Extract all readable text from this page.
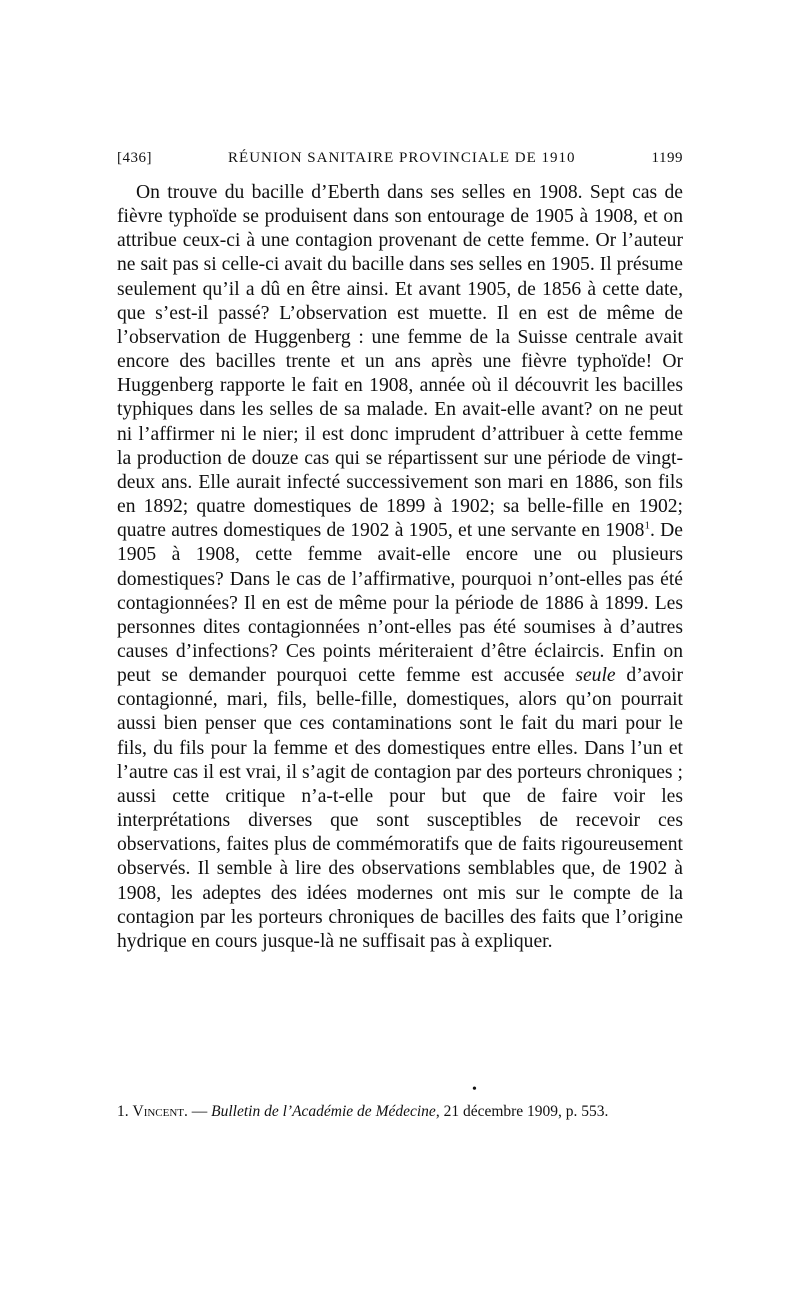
[436]	RÉUNION SANITAIRE PROVINCIALE DE 1910	1199

On trouve du bacille d’Eberth dans ses selles en 1908. Sept cas de fièvre typhoïde se produisent dans son entourage de 1905 à 1908, et on attribue ceux-ci à une contagion provenant de cette femme. Or l’auteur ne sait pas si celle-ci avait du bacille dans ses selles en 1905. Il présume seulement qu’il a dû en être ainsi. Et avant 1905, de 1856 à cette date, que s’est-il passé? L’observation est muette. Il en est de même de l’observation de Huggenberg : une femme de la Suisse centrale avait encore des bacilles trente et un ans après une fièvre typhoïde! Or Huggenberg rapporte le fait en 1908, année où il découvrit les bacilles typhiques dans les selles de sa malade. En avait-elle avant? on ne peut ni l’affirmer ni le nier; il est donc imprudent d’attribuer à cette femme la production de douze cas qui se répartissent sur une période de vingt-deux ans. Elle aurait infecté successivement son mari en 1886, son fils en 1892; quatre domestiques de 1899 à 1902; sa belle-fille en 1902; quatre autres domestiques de 1902 à 1905, et une servante en 1908$^1$. De 1905 à 1908, cette femme avait-elle encore une ou plusieurs domestiques? Dans le cas de l’affirmative, pourquoi n’ont-elles pas été contagionnées? Il en est de même pour la période de 1886 à 1899. Les personnes dites contagionnées n’ont-elles pas été soumises à d’autres causes d’infections? Ces points mériteraient d’être éclaircis. Enfin on peut se demander pourquoi cette femme est accusée seule d’avoir contagionné, mari, fils, belle-fille, domestiques, alors qu’on pourrait aussi bien penser que ces contaminations sont le fait du mari pour le fils, du fils pour la femme et des domestiques entre elles. Dans l’un et l’autre cas il est vrai, il s’agit de contagion par des porteurs chroniques ; aussi cette critique n’a-t-elle pour but que de faire voir les interprétations diverses que sont susceptibles de recevoir ces observations, faites plus de commémoratifs que de faits rigoureusement observés. Il semble à lire des observations semblables que, de 1902 à 1908, les adeptes des idées modernes ont mis sur le compte de la contagion par les porteurs chroniques de bacilles des faits que l’origine hydrique en cours jusque-là ne suffisait pas à expliquer.

•
1. Vincent. — Bulletin de l’Académie de Médecine, 21 décembre 1909, p. 553.
